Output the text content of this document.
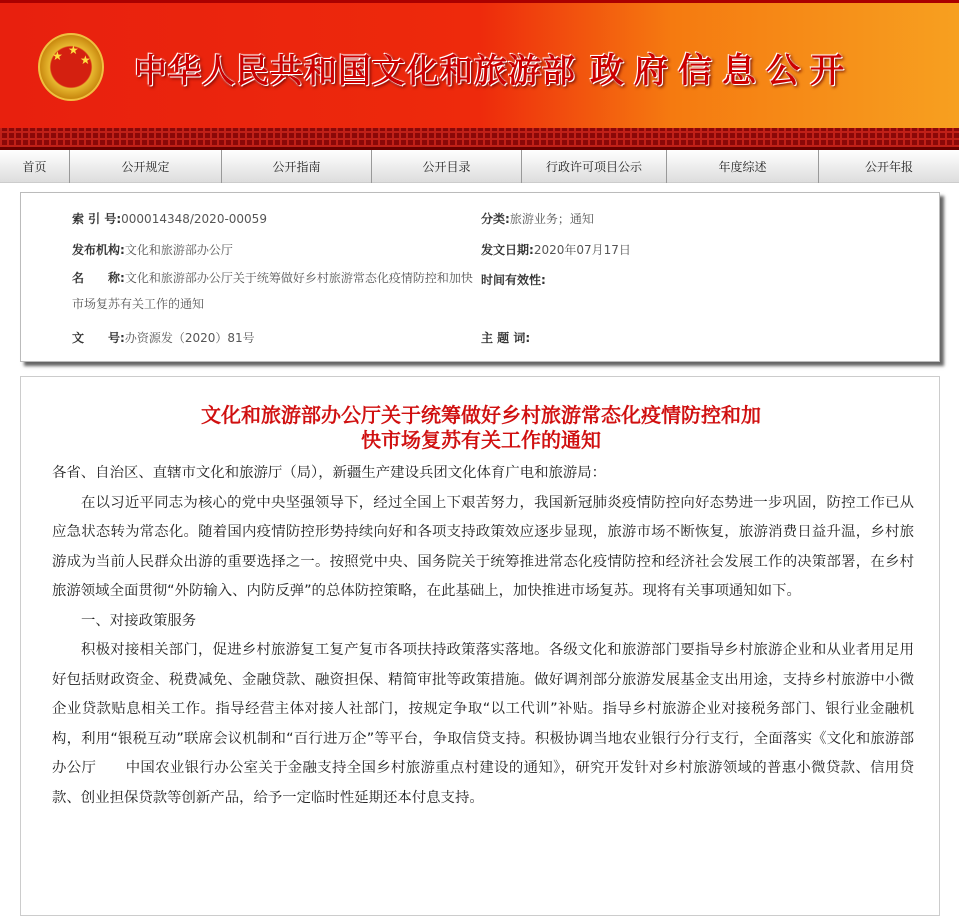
★ ★
★ 中华人民共和国文化和旅游部 政府信息公开
首页	公开规定	公开指南	公开目录	行政许可项目公示	年度综述	公开年报
索 引 号:000014348/2020-00059	分类:旅游业务；通知
发布机构:文化和旅游部办公厅	发文日期:2020年07月17日
名　　称:文化和旅游部办公厅关于统筹做好乡村旅游常态化疫情防控和加快市场复苏有关工作的通知
时间有效性:
文　　号:办资源发（2020）81号	主 题 词:
文化和旅游部办公厅关于统筹做好乡村旅游常态化疫情防控和加
快市场复苏有关工作的通知

各省、自治区、直辖市文化和旅游厅（局），新疆生产建设兵团文化体育广电和旅游局：

在以习近平同志为核心的党中央坚强领导下，经过全国上下艰苦努力，我国新冠肺炎疫情防控向好态势进一步巩固，防控工作已从应急状态转为常态化。随着国内疫情防控形势持续向好和各项支持政策效应逐步显现，旅游市场不断恢复，旅游消费日益升温，乡村旅游成为当前人民群众出游的重要选择之一。按照党中央、国务院关于统筹推进常态化疫情防控和经济社会发展工作的决策部署，在乡村旅游领域全面贯彻“外防输入、内防反弹”的总体防控策略，在此基础上，加快推进市场复苏。现将有关事项通知如下。

一、对接政策服务

积极对接相关部门，促进乡村旅游复工复产复市各项扶持政策落实落地。各级文化和旅游部门要指导乡村旅游企业和从业者用足用好包括财政资金、税费减免、金融贷款、融资担保、精简审批等政策措施。做好调剂部分旅游发展基金支出用途，支持乡村旅游中小微企业贷款贴息相关工作。指导经营主体对接人社部门，按规定争取“以工代训”补贴。指导乡村旅游企业对接税务部门、银行业金融机构，利用“银税互动”联席会议机制和“百行进万企”等平台，争取信贷支持。积极协调当地农业银行分行支行，全面落实《文化和旅游部办公厅　　中国农业银行办公室关于金融支持全国乡村旅游重点村建设的通知》，研究开发针对乡村旅游领域的普惠小微贷款、信用贷款、创业担保贷款等创新产品，给予一定临时性延期还本付息支持。
